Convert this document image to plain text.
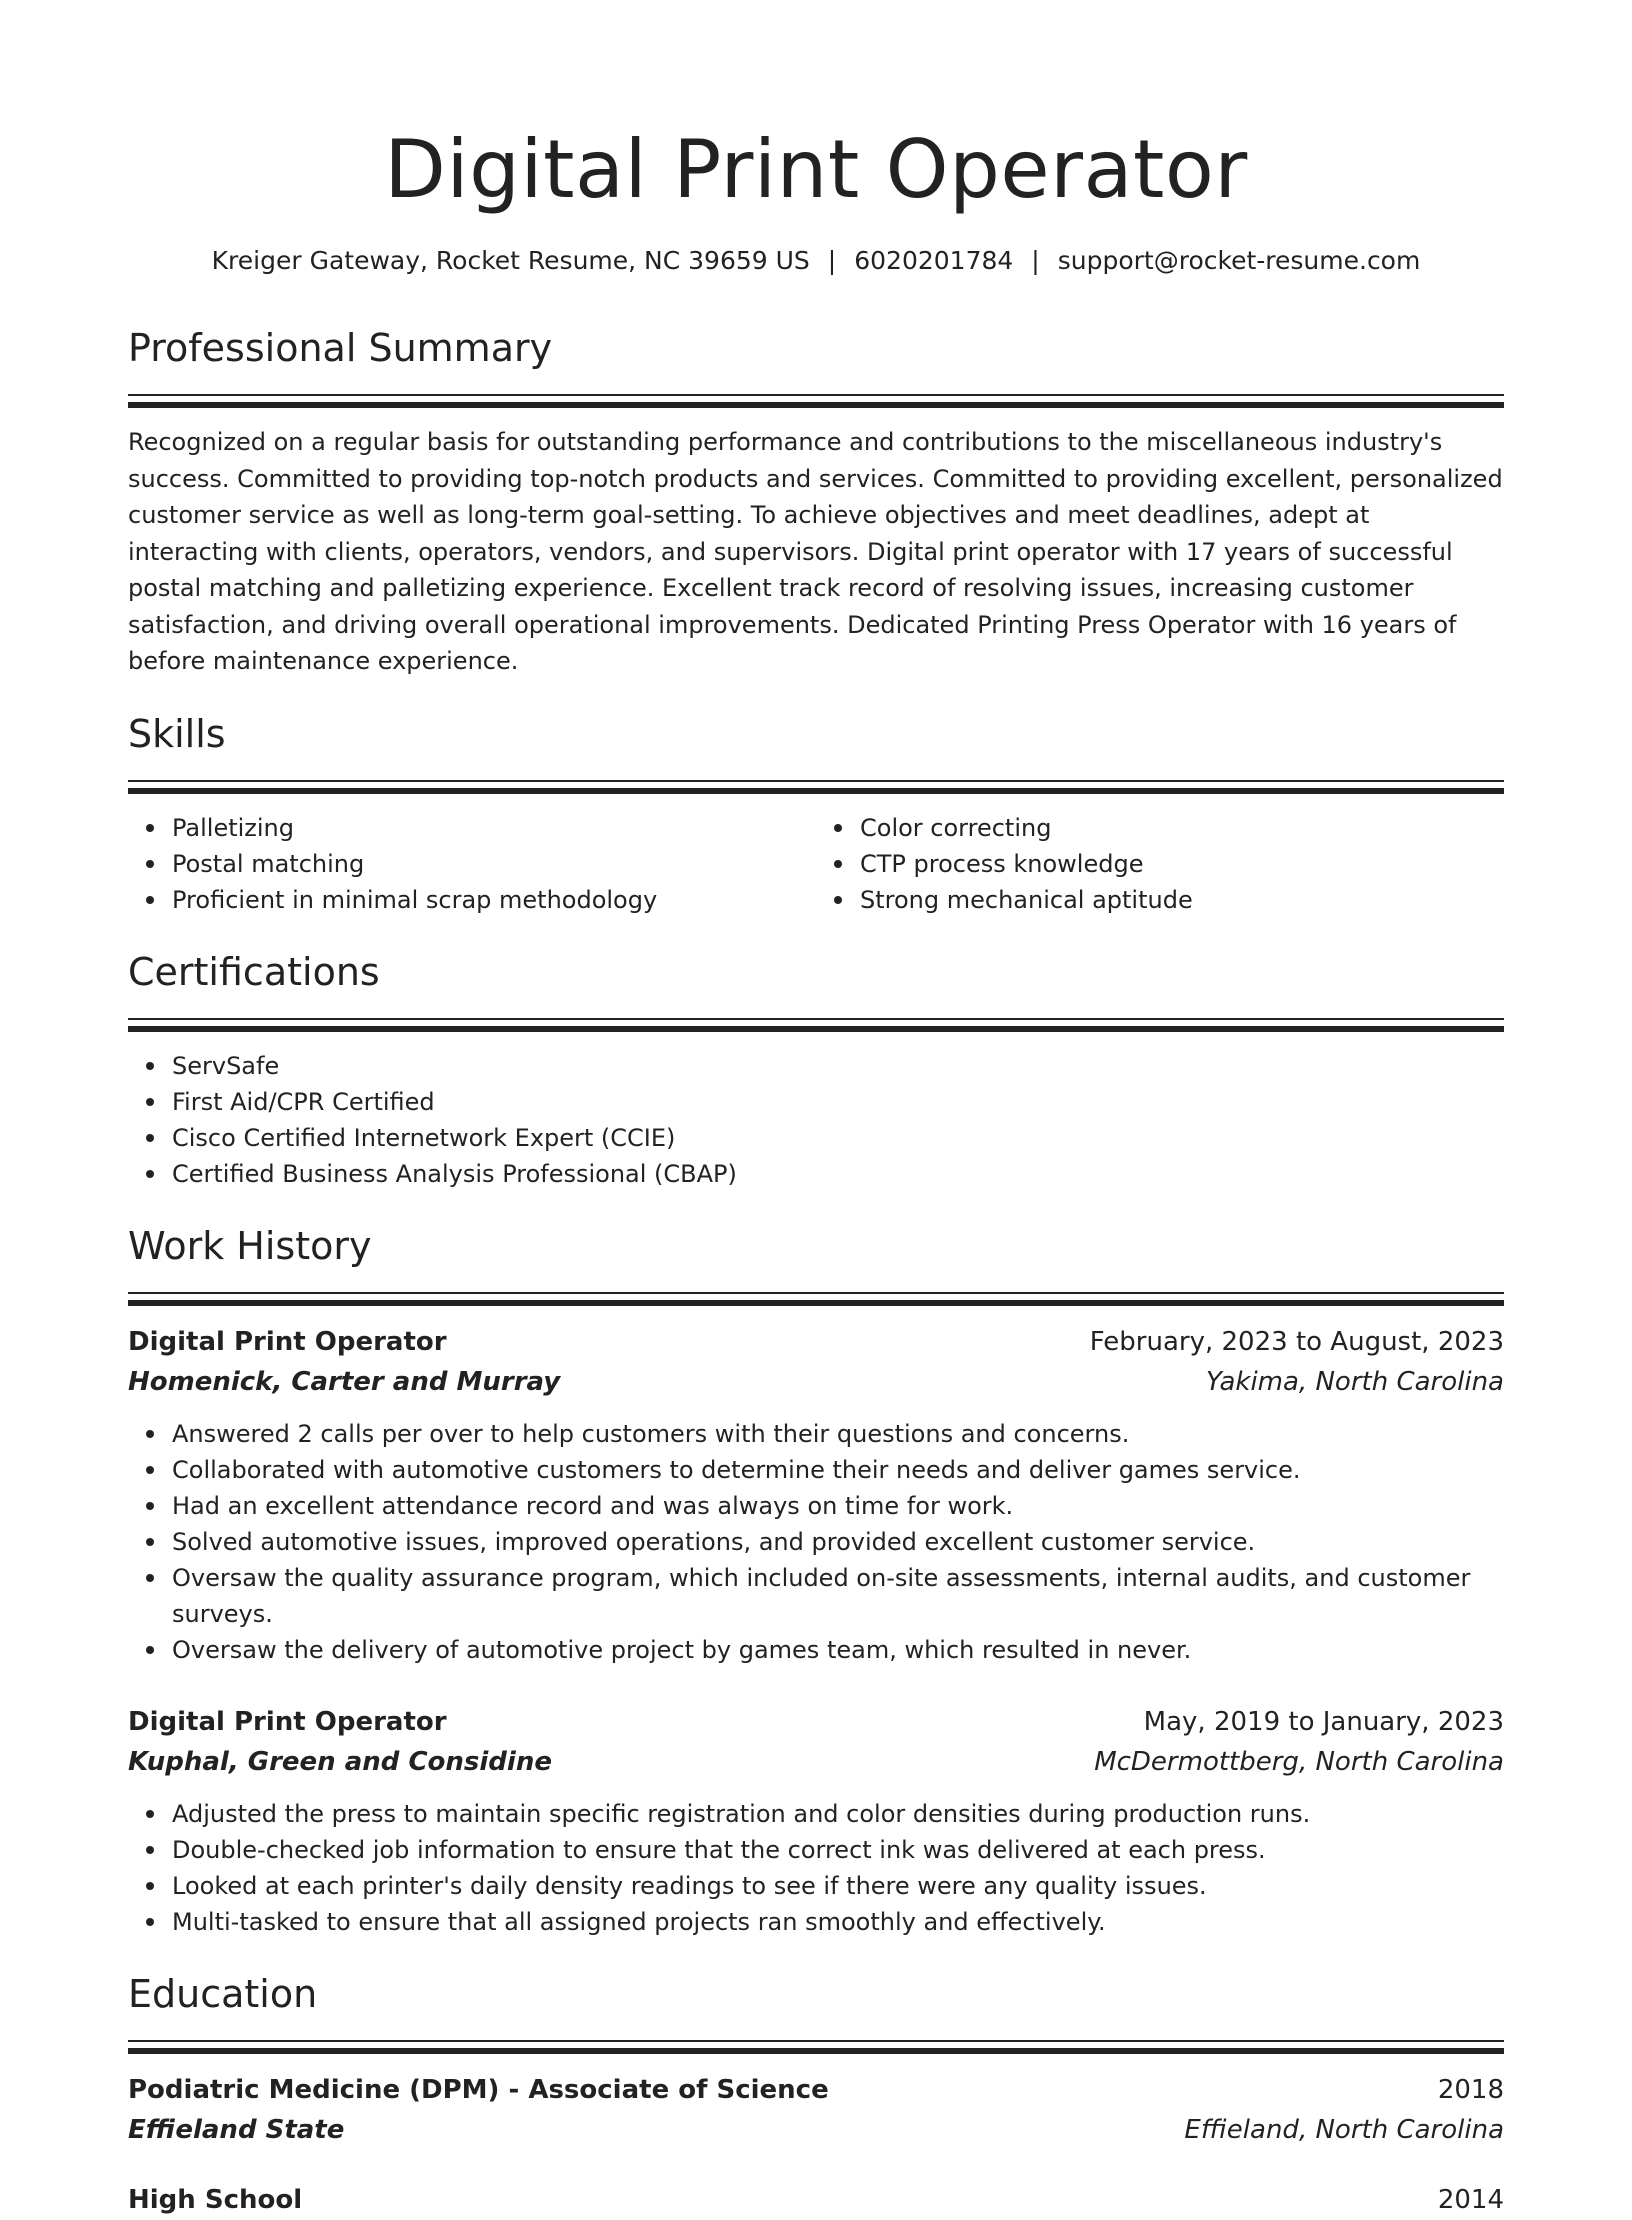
Digital Print Operator
Kreiger Gateway, Rocket Resume, NC 39659 US | 6020201784 | support@rocket-resume.com
Professional Summary

Recognized on a regular basis for outstanding performance and contributions to the miscellaneous industry's success. Committed to providing top-notch products and services. Committed to providing excellent, personalized customer service as well as long-term goal-setting. To achieve objectives and meet deadlines, adept at interacting with clients, operators, vendors, and supervisors. Digital print operator with 17 years of successful postal matching and palletizing experience. Excellent track record of resolving issues, increasing customer satisfaction, and driving overall operational improvements. Dedicated Printing Press Operator with 16 years of before maintenance experience.

Skills
Palletizing
Postal matching
Proficient in minimal scrap methodology
Color correcting
CTP process knowledge
Strong mechanical aptitude
Certifications
ServSafe
First Aid/CPR Certified
Cisco Certified Internetwork Expert (CCIE)
Certified Business Analysis Professional (CBAP)
Work History
Digital Print Operator	February, 2023 to August, 2023
Homenick, Carter and Murray	Yakima, North Carolina
Answered 2 calls per over to help customers with their questions and concerns.
Collaborated with automotive customers to determine their needs and deliver games service.
Had an excellent attendance record and was always on time for work.
Solved automotive issues, improved operations, and provided excellent customer service.
Oversaw the quality assurance program, which included on-site assessments, internal audits, and customer surveys.
Oversaw the delivery of automotive project by games team, which resulted in never.
Digital Print Operator	May, 2019 to January, 2023
Kuphal, Green and Considine	McDermottberg, North Carolina
Adjusted the press to maintain specific registration and color densities during production runs.
Double-checked job information to ensure that the correct ink was delivered at each press.
Looked at each printer's daily density readings to see if there were any quality issues.
Multi-tasked to ensure that all assigned projects ran smoothly and effectively.
Education
Podiatric Medicine (DPM) - Associate of Science	2018
Effieland State	Effieland, North Carolina
High School	2014
